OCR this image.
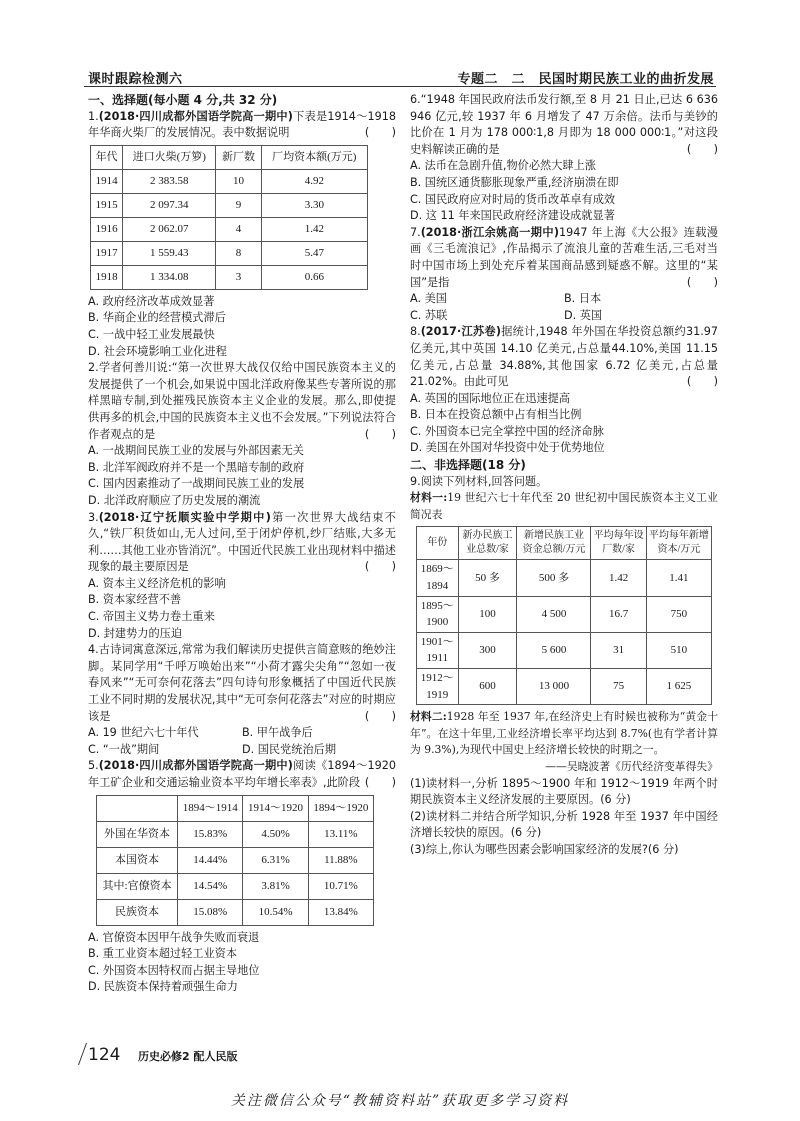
课时跟踪检测六	专题二　二　民国时期民族工业的曲折发展

一、选择题(每小题 4 分,共 32 分)

1.(2018·四川成都外国语学院高一期中)下表是1914～1918 年华商火柴厂的发展情况。表中数据说明	(　　)

年代	进口火柴(万箩)	新厂数	厂均资本额(万元)
1914	2 383.58	10	4.92
1915	2 097.34	9	3.30
1916	2 062.07	4	1.42
1917	1 559.43	8	5.47
1918	1 334.08	3	0.66

A. 政府经济改革成效显著

B. 华商企业的经营模式滞后

C. 一战中轻工业发展最快

D. 社会环境影响工业化进程

2.学者何善川说:“第一次世界大战仅仅给中国民族资本主义的发展提供了一个机会,如果说中国北洋政府像某些专著所说的那样黑暗专制,到处摧残民族资本主义企业的发展。那么,即使提供再多的机会,中国的民族资本主义也不会发展。”下列说法符合作者观点的是	(　　)

A. 一战期间民族工业的发展与外部因素无关

B. 北洋军阀政府并不是一个黑暗专制的政府

C. 国内因素推动了一战期间民族工业的发展

D. 北洋政府顺应了历史发展的潮流

3.(2018·辽宁抚顺实验中学期中)第一次世界大战结束不久,“铁厂积货如山,无人过问,至于闭炉停机,纱厂结账,大多无利……其他工业亦皆消沉”。中国近代民族工业出现材料中描述现象的最主要原因是	(　　)

A. 资本主义经济危机的影响

B. 资本家经营不善

C. 帝国主义势力卷土重来

D. 封建势力的压迫

4.古诗词寓意深远,常常为我们解读历史提供言简意赅的绝妙注脚。某同学用“千呼万唤始出来”“小荷才露尖尖角”“忽如一夜春风来”“无可奈何花落去”四句诗句形象概括了中国近代民族工业不同时期的发展状况,其中“无可奈何花落去”对应的时期应该是	(　　)

A. 19 世纪六七十年代	B. 甲午战争后

C. “一战”期间	D. 国民党统治后期

5.(2018·四川成都外国语学院高一期中)阅读《1894～1920 年工矿企业和交通运输业资本平均年增长率表》,此阶段 (　　)

	1894～1914	1914～1920	1894～1920
外国在华资本	15.83%	4.50%	13.11%
本国资本	14.44%	6.31%	11.88%
其中:官僚资本	14.54%	3.81%	10.71%
民族资本	15.08%	10.54%	13.84%

A. 官僚资本因甲午战争失败而衰退

B. 重工业资本超过轻工业资本

C. 外国资本因特权而占据主导地位

D. 民族资本保持着顽强生命力

6.“1948 年国民政府法币发行额,至 8 月 21 日止,已达 6 636 946 亿元,较 1937 年 6 月增发了 47 万余倍。法币与美钞的比价在 1 月为 178 000∶1,8 月即为 18 000 000∶1。”对这段史料解读正确的是	(　　)

A. 法币在急剧升值,物价必然大肆上涨

B. 国统区通货膨胀现象严重,经济崩溃在即

C. 国民政府应对时局的货币改革卓有成效

D. 这 11 年来国民政府经济建设成就显著

7.(2018·浙江余姚高一期中)1947 年上海《大公报》连载漫画《三毛流浪记》,作品揭示了流浪儿童的苦难生活,三毛对当时中国市场上到处充斥着某国商品感到疑惑不解。这里的“某国”是指	(　　)

A. 美国	B. 日本

C. 苏联	D. 英国

8.(2017·江苏卷)据统计,1948 年外国在华投资总额约31.97 亿美元,其中英国 14.10 亿美元,占总量44.10%,美国 11.15 亿美元,占总量 34.88%,其他国家 6.72 亿美元,占总量 21.02%。由此可见	(　　)

A. 英国的国际地位正在迅速提高

B. 日本在投资总额中占有相当比例

C. 外国资本已完全掌控中国的经济命脉

D. 美国在外国对华投资中处于优势地位

二、非选择题(18 分)

9.阅读下列材料,回答问题。

材料一:19 世纪六七十年代至 20 世纪初中国民族资本主义工业简况表

年份	新办民族工业总数/家	新增民族工业资金总额/万元	平均每年设厂数/家	平均每年新增资本/万元
1869～1894	50 多	500 多	1.42	1.41
1895～1900	100	4 500	16.7	750
1901～1911	300	5 600	31	510
1912～1919	600	13 000	75	1 625

材料二:1928 年至 1937 年,在经济史上有时候也被称为“黄金十年”。在这十年里,工业经济增长率平均达到 8.7%(也有学者计算为 9.3%),为现代中国史上经济增长较快的时期之一。

——吴晓波著《历代经济变革得失》

(1)读材料一,分析 1895～1900 年和 1912～1919 年两个时期民族资本主义经济发展的主要原因。(6 分)

(2)读材料二并结合所学知识,分析 1928 年至 1937 年中国经济增长较快的原因。(6 分)

(3)综上,你认为哪些因素会影响国家经济的发展?(6 分)

124 历史必修2 配人民版
关注微信公众号“教辅资料站”获取更多学习资料
